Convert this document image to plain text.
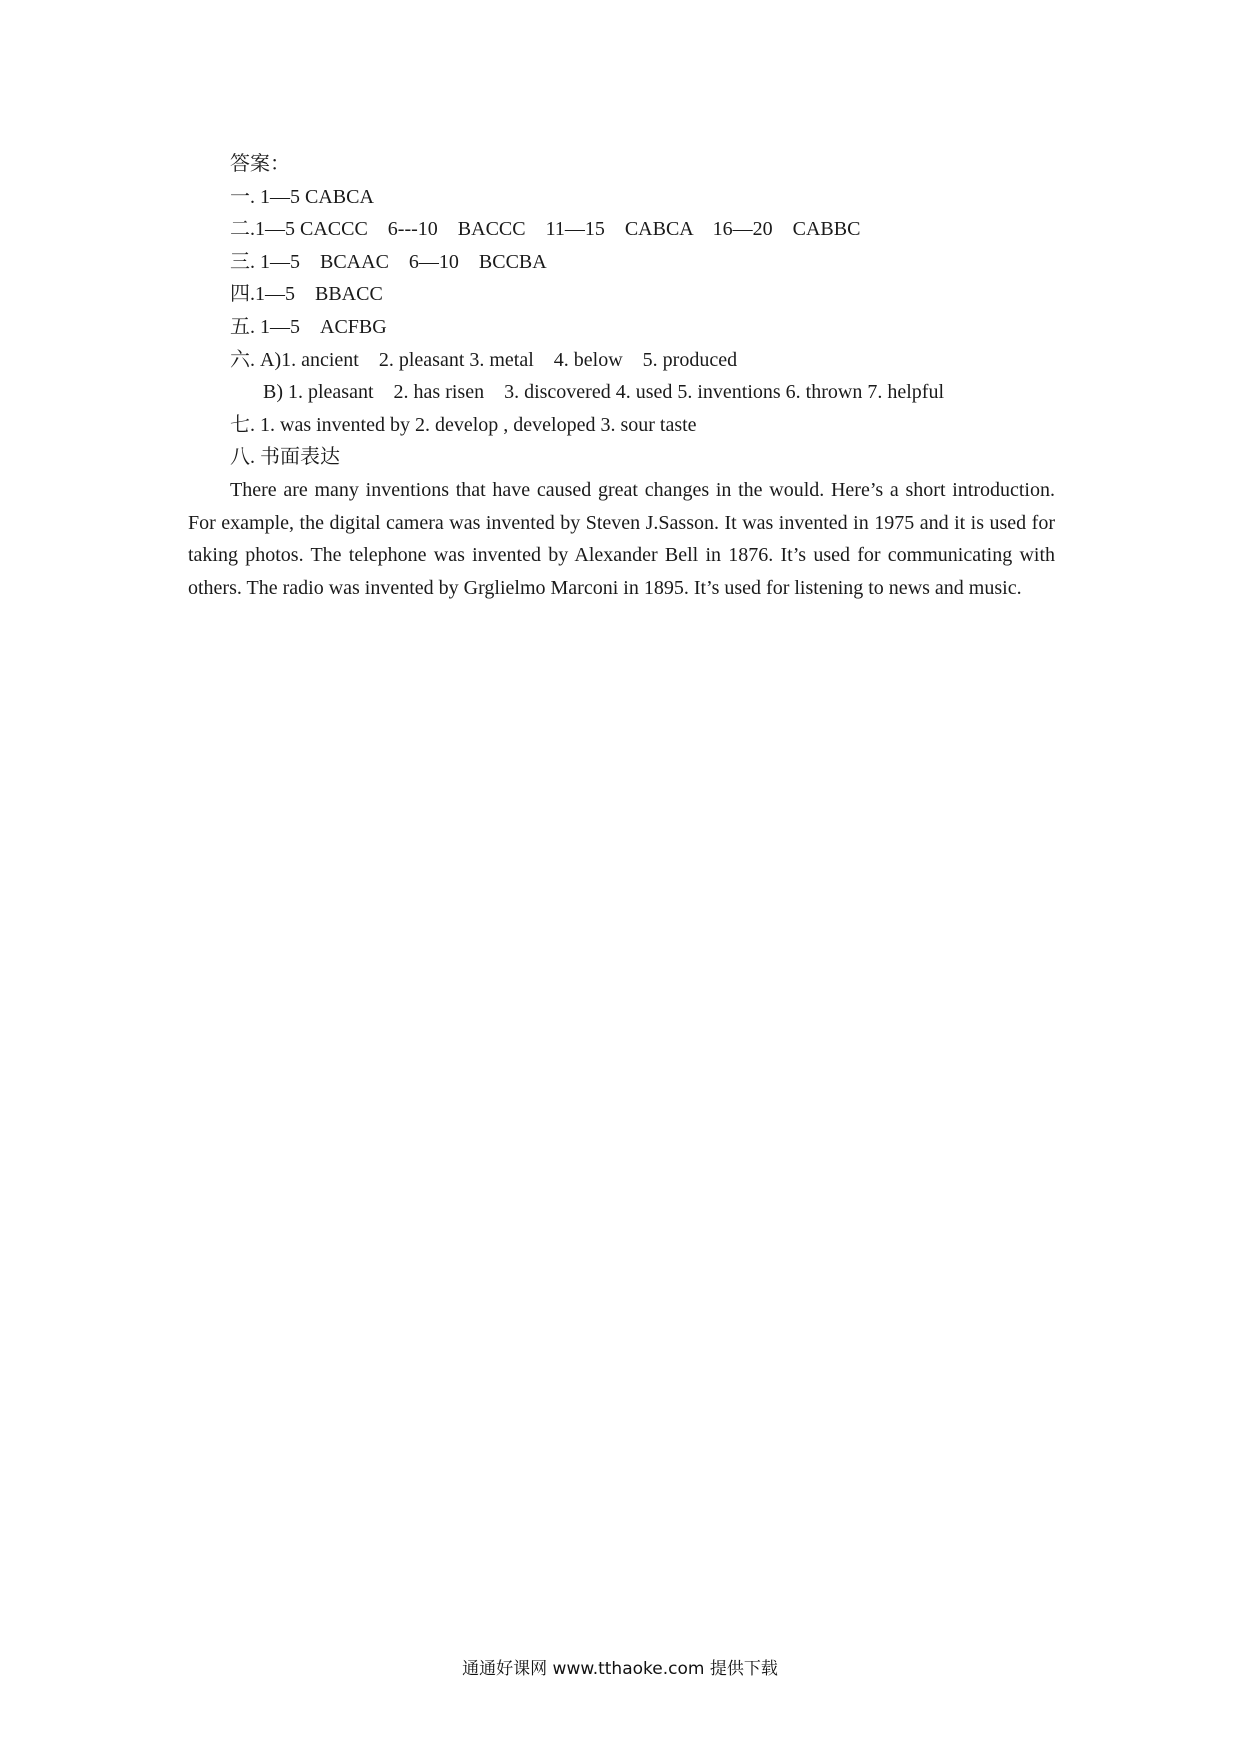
答案：

一. 1—5 CABCA

二.1—5 CACCC    6---10    BACCC    11—15    CABCA    16—20    CABBC

三. 1—5    BCAAC    6—10    BCCBA

四.1—5    BBACC

五. 1—5    ACFBG

六. A)1. ancient    2. pleasant 3. metal    4. below    5. produced

B) 1. pleasant    2. has risen    3. discovered 4. used 5. inventions 6. thrown 7. helpful

七. 1. was invented by 2. develop , developed 3. sour taste

八. 书面表达

There are many inventions that have caused great changes in the would. Here’s a short introduction. For example, the digital camera was invented by Steven J.Sasson. It was invented in 1975 and it is used for taking photos. The telephone was invented by Alexander Bell in 1876. It’s used for communicating with others. The radio was invented by Grglielmo Marconi in 1895. It’s used for listening to news and music.

通通好课网 www.tthaoke.com 提供下载
